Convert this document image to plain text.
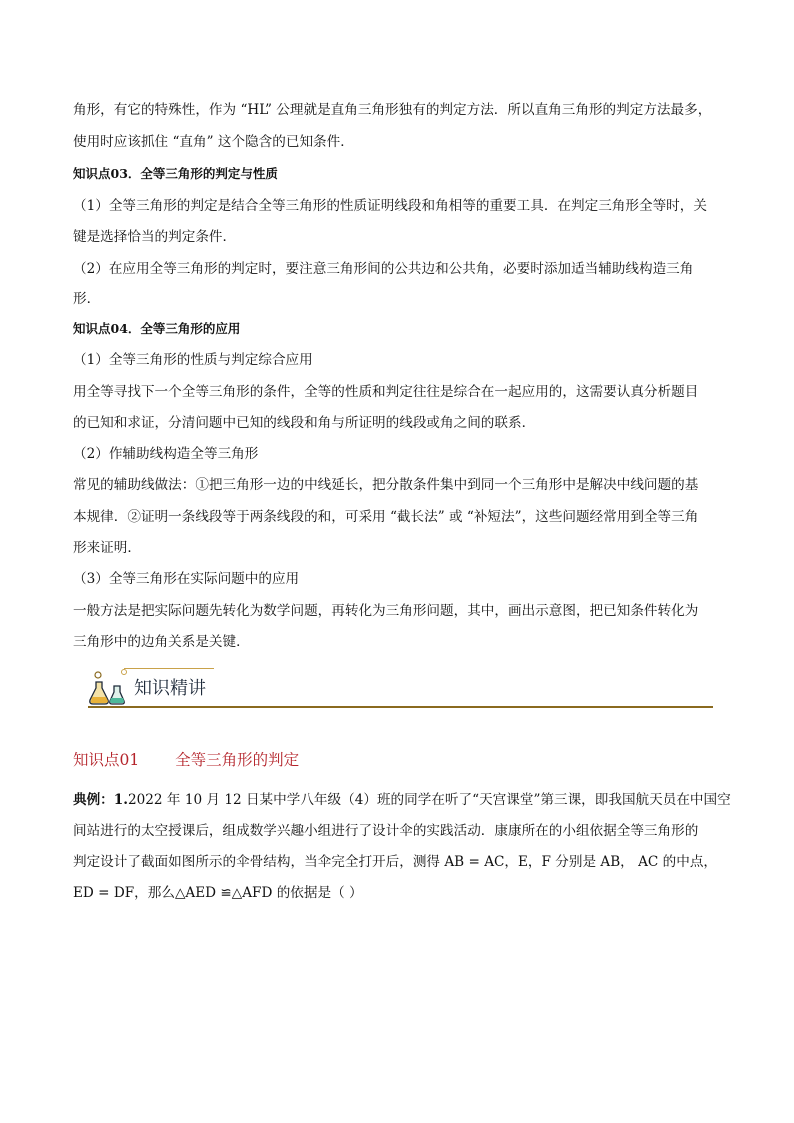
角形，有它的特殊性，作为 “HL” 公理就是直角三角形独有的判定方法．所以直角三角形的判定方法最多，
使用时应该抓住 “直角” 这个隐含的已知条件．
知识点03．全等三角形的判定与性质
（1）全等三角形的判定是结合全等三角形的性质证明线段和角相等的重要工具．在判定三角形全等时，关
键是选择恰当的判定条件．
（2）在应用全等三角形的判定时，要注意三角形间的公共边和公共角，必要时添加适当辅助线构造三角
形．
知识点04．全等三角形的应用
（1）全等三角形的性质与判定综合应用
用全等寻找下一个全等三角形的条件，全等的性质和判定往往是综合在一起应用的，这需要认真分析题目
的已知和求证，分清问题中已知的线段和角与所证明的线段或角之间的联系．
（2）作辅助线构造全等三角形
常见的辅助线做法：①把三角形一边的中线延长，把分散条件集中到同一个三角形中是解决中线问题的基
本规律．②证明一条线段等于两条线段的和，可采用 “截长法” 或 “补短法”，这些问题经常用到全等三角
形来证明．
（3）全等三角形在实际问题中的应用
一般方法是把实际问题先转化为数学问题，再转化为三角形问题，其中，画出示意图，把已知条件转化为
三角形中的边角关系是关键．
知识精讲
知识点01 全等三角形的判定
典例：1.2022 年 10 月 12 日某中学八年级（4）班的同学在听了“天宫课堂”第三课，即我国航天员在中国空
间站进行的太空授课后，组成数学兴趣小组进行了设计伞的实践活动．康康所在的小组依据全等三角形的
判定设计了截面如图所示的伞骨结构，当伞完全打开后，测得 AB = AC，E，F 分别是 AB， AC 的中点，
ED = DF，那么△AED ≌△AFD 的依据是（ ）
